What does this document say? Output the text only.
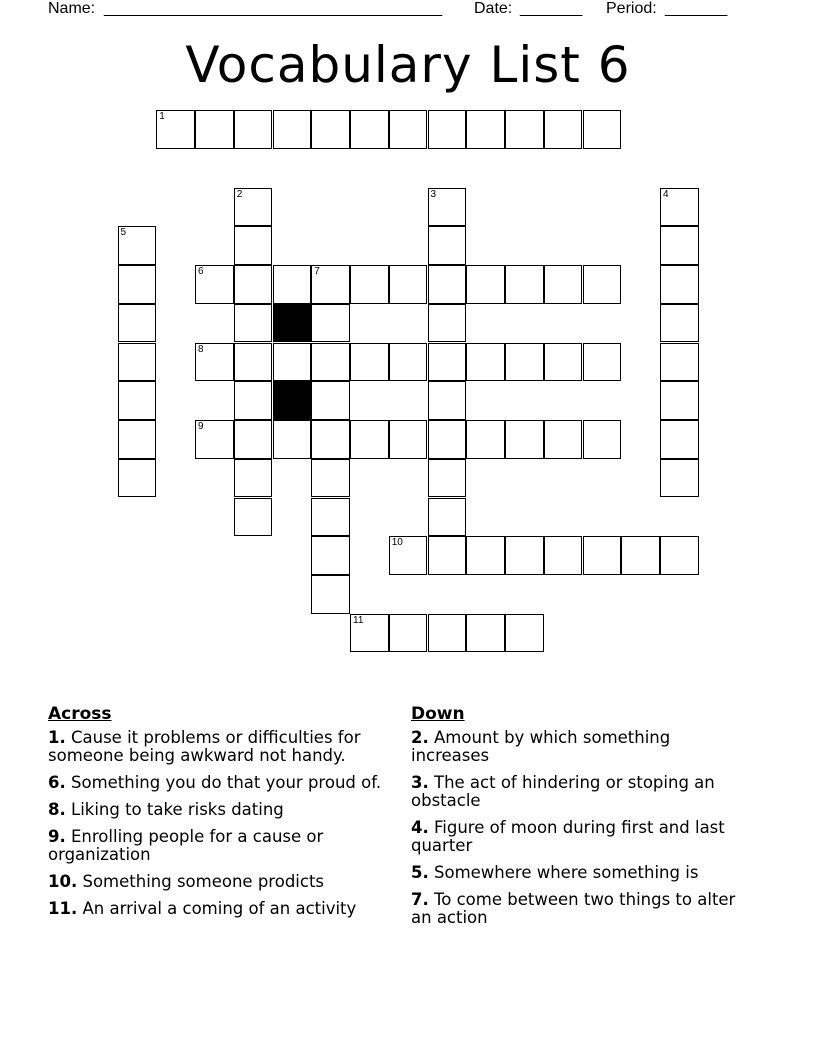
Name: ______________________________________ Date: _______ Period: _______
Vocabulary List 6
1
6	7
8
9
10
11
2	3	4
5
Across
1. Cause it problems or difficulties for someone being awkward not handy.
6. Something you do that your proud of.
8. Liking to take risks dating
9. Enrolling people for a cause or organization
10. Something someone prodicts
11. An arrival a coming of an activity
Down
2. Amount by which something increases
3. The act of hindering or stoping an obstacle
4. Figure of moon during first and last quarter
5. Somewhere where something is
7. To come between two things to alter an action
